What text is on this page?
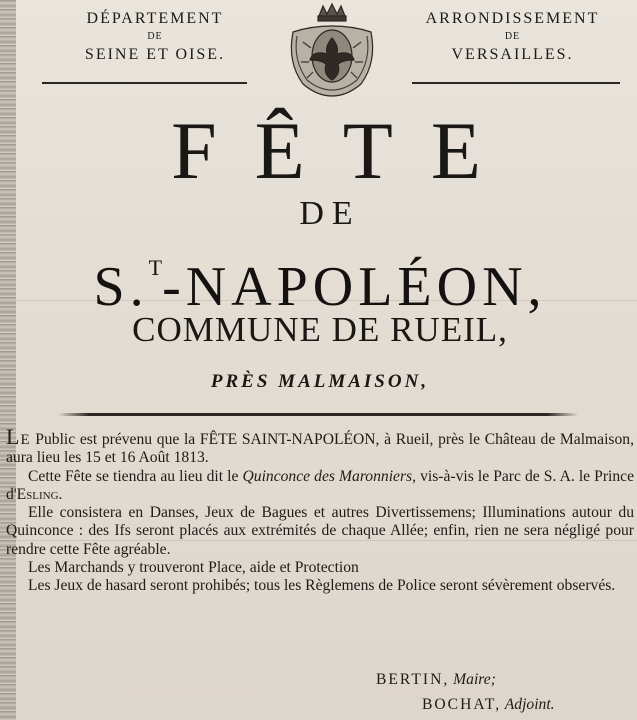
DÉPARTEMENT
DE
SEINE ET OISE.
ARRONDISSEMENT
DE
VERSAILLES.
FÊTE
DE
S.$^T$-NAPOLÉON,
COMMUNE DE RUEIL,
PRÈS MALMAISON,

Le Public est prévenu que la FÊTE SAINT-NAPOLÉON, à Rueil, près le Château de Malmaison, aura lieu les 15 et 16 Août 1813.

Cette Fête se tiendra au lieu dit le Quinconce des Maronniers, vis-à-vis le Parc de S. A. le Prince d'Esling.

Elle consistera en Danses, Jeux de Bagues et autres Divertissemens; Illuminations autour du Quinconce : des Ifs seront placés aux extrémités de chaque Allée; enfin, rien ne sera négligé pour rendre cette Fête agréable.

Les Marchands y trouveront Place, aide et Protection

Les Jeux de hasard seront prohibés; tous les Règlemens de Police seront sévèrement observés.

BERTIN, Maire;
BOCHAT, Adjoint.
